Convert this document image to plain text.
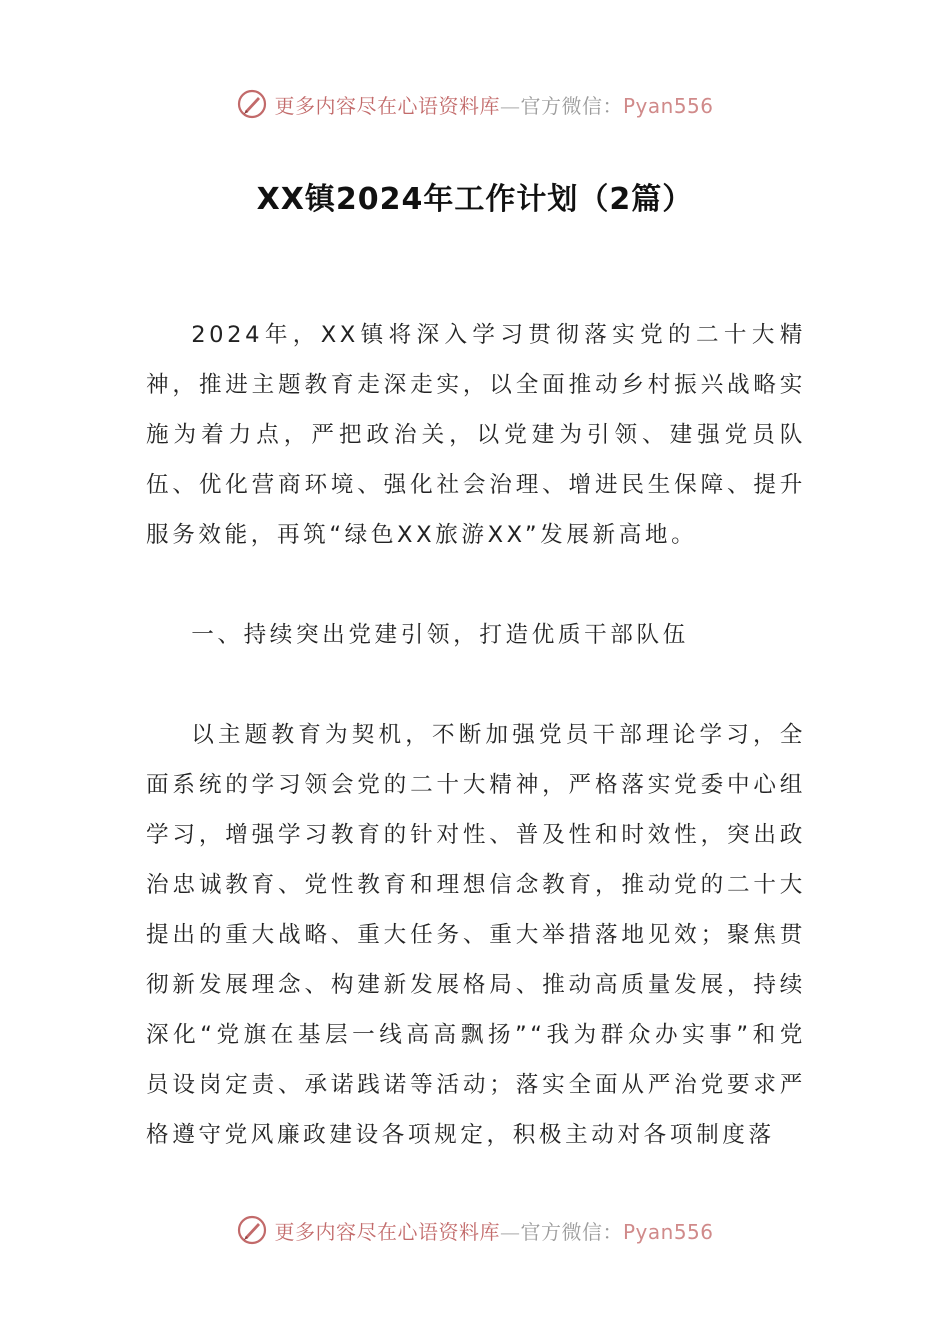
更多内容尽在心语资料库—官方微信：Pyan556
XX镇2024年工作计划（2篇）

2024年，XX镇将深入学习贯彻落实党的二十大精神，推进主题教育走深走实，以全面推动乡村振兴战略实施为着力点，严把政治关，以党建为引领、建强党员队伍、优化营商环境、强化社会治理、增进民生保障、提升服务效能，再筑“绿色XX旅游XX”发展新高地。

一、持续突出党建引领，打造优质干部队伍

以主题教育为契机，不断加强党员干部理论学习，全面系统的学习领会党的二十大精神，严格落实党委中心组学习，增强学习教育的针对性、普及性和时效性，突出政治忠诚教育、党性教育和理想信念教育，推动党的二十大提出的重大战略、重大任务、重大举措落地见效；聚焦贯彻新发展理念、构建新发展格局、推动高质量发展，持续深化“党旗在基层一线高高飘扬”“我为群众办实事”和党员设岗定责、承诺践诺等活动；落实全面从严治党要求严格遵守党风廉政建设各项规定，积极主动对各项制度落

更多内容尽在心语资料库—官方微信：Pyan556
